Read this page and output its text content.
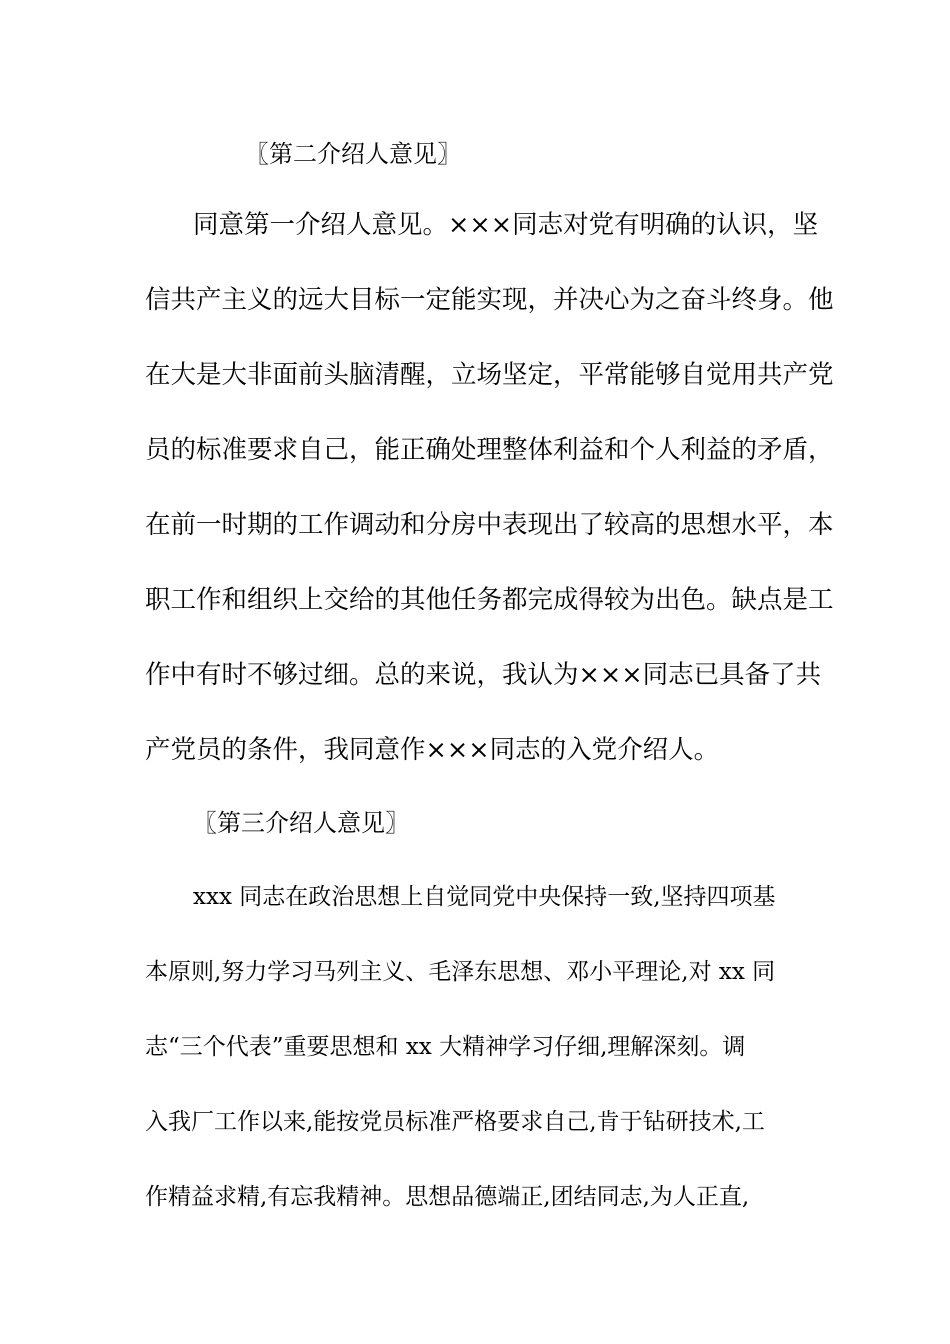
〖第二介绍人意见〗
同意第一介绍人意见。×××同志对党有明确的认识，坚
信共产主义的远大目标一定能实现，并决心为之奋斗终身。他
在大是大非面前头脑清醒，立场坚定，平常能够自觉用共产党
员的标准要求自己，能正确处理整体利益和个人利益的矛盾，
在前一时期的工作调动和分房中表现出了较高的思想水平，本
职工作和组织上交给的其他任务都完成得较为出色。缺点是工
作中有时不够过细。总的来说，我认为×××同志已具备了共
产党员的条件，我同意作×××同志的入党介绍人。
〖第三介绍人意见〗
xxx 同志在政治思想上自觉同党中央保持一致,坚持四项基
本原则,努力学习马列主义、毛泽东思想、邓小平理论,对 xx 同
志“三个代表”重要思想和 xx 大精神学习仔细,理解深刻。调
入我厂工作以来,能按党员标准严格要求自己,肯于钻研技术,工
作精益求精,有忘我精神。思想品德端正,团结同志,为人正直,
